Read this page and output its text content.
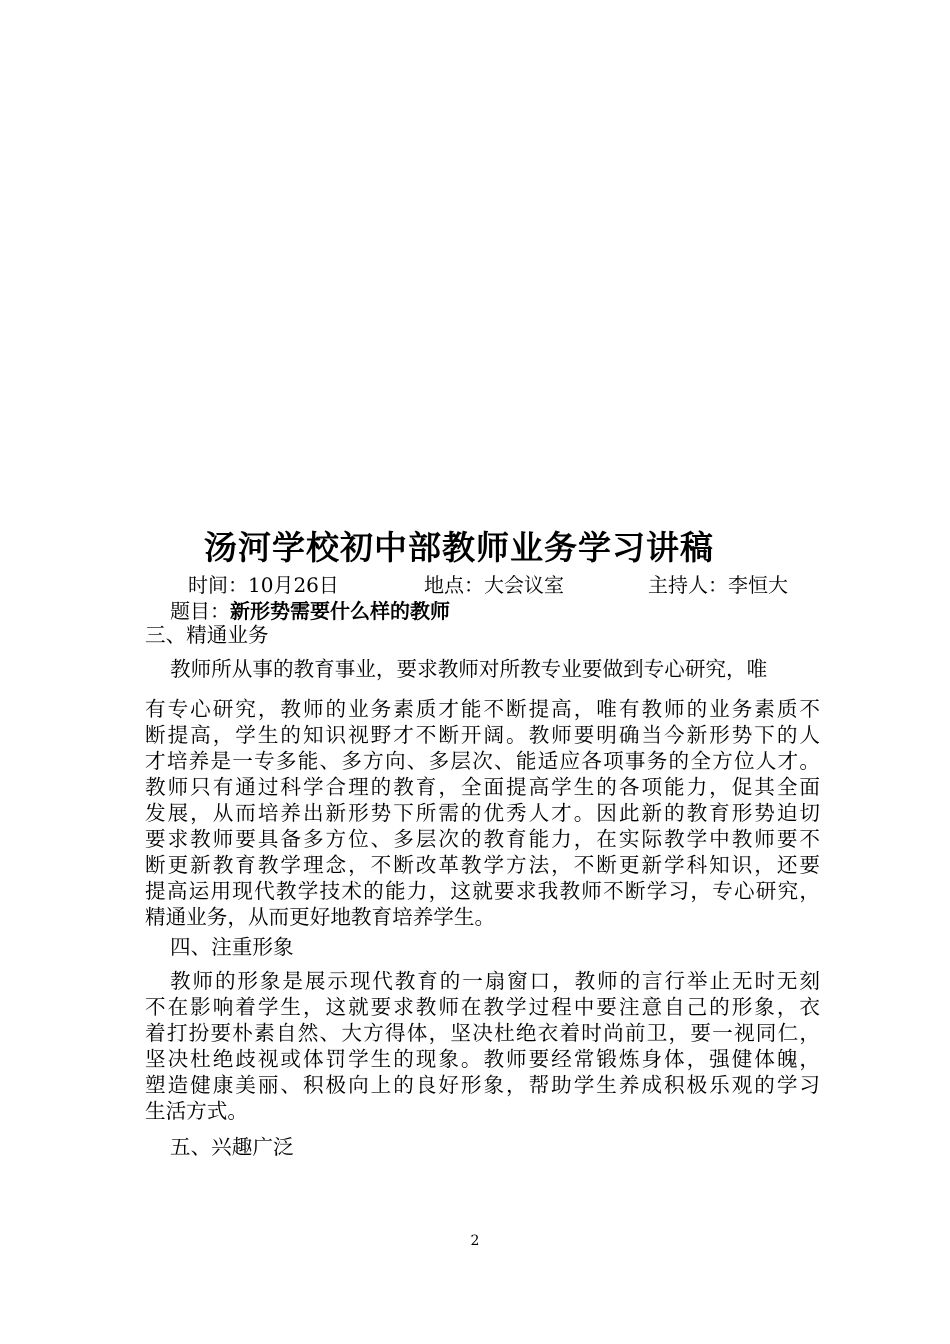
汤河学校初中部教师业务学习讲稿
时间：10月26日	地点：大会议室	主持人：李恒大
题目：新形势需要什么样的教师
三、精通业务
教师所从事的教育事业，要求教师对所教专业要做到专心研究，唯
有专心研究，教师的业务素质才能不断提高，唯有教师的业务素质不
断提高，学生的知识视野才不断开阔。教师要明确当今新形势下的人
才培养是一专多能、多方向、多层次、能适应各项事务的全方位人才。
教师只有通过科学合理的教育，全面提高学生的各项能力，促其全面
发展，从而培养出新形势下所需的优秀人才。因此新的教育形势迫切
要求教师要具备多方位、多层次的教育能力，在实际教学中教师要不
断更新教育教学理念，不断改革教学方法，不断更新学科知识，还要
提高运用现代教学技术的能力，这就要求我教师不断学习，专心研究，
精通业务，从而更好地教育培养学生。
四、注重形象
教师的形象是展示现代教育的一扇窗口，教师的言行举止无时无刻
不在影响着学生，这就要求教师在教学过程中要注意自己的形象，衣
着打扮要朴素自然、大方得体，坚决杜绝衣着时尚前卫，要一视同仁，
坚决杜绝歧视或体罚学生的现象。教师要经常锻炼身体，强健体魄，
塑造健康美丽、积极向上的良好形象，帮助学生养成积极乐观的学习
生活方式。
五、兴趣广泛
2
